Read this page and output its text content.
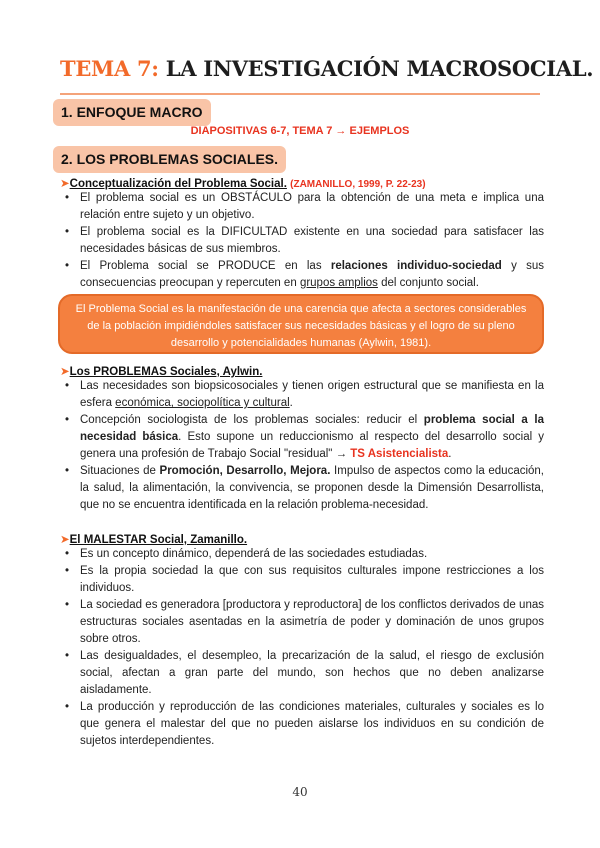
TEMA 7: LA INVESTIGACIÓN MACROSOCIAL.
1. ENFOQUE MACRO
DIAPOSITIVAS 6-7, TEMA 7 → EJEMPLOS
2. LOS PROBLEMAS SOCIALES.
➤Conceptualización del Problema Social. (ZAMANILLO, 1999, P. 22-23)
• El problema social es un OBSTÁCULO para la obtención de una meta e implica una relación entre sujeto y un objetivo.
• El problema social es la DIFICULTAD existente en una sociedad para satisfacer las necesidades básicas de sus miembros.
• El Problema social se PRODUCE en las relaciones individuo-sociedad y sus consecuencias preocupan y repercuten en grupos amplios del conjunto social.
El Problema Social es la manifestación de una carencia que afecta a sectores considerables de la población impidiéndoles satisfacer sus necesidades básicas y el logro de su pleno desarrollo y potencialidades humanas (Aylwin, 1981).
➤Los PROBLEMAS Sociales, Aylwin.
• Las necesidades son biopsicosociales y tienen origen estructural que se manifiesta en la esfera económica, sociopolítica y cultural.
• Concepción sociologista de los problemas sociales: reducir el problema social a la necesidad básica. Esto supone un reduccionismo al respecto del desarrollo social y genera una profesión de Trabajo Social "residual" → TS Asistencialista.
• Situaciones de Promoción, Desarrollo, Mejora. Impulso de aspectos como la educación, la salud, la alimentación, la convivencia, se proponen desde la Dimensión Desarrollista, que no se encuentra identificada en la relación problema-necesidad.
➤El MALESTAR Social, Zamanillo.
• Es un concepto dinámico, dependerá de las sociedades estudiadas.
• Es la propia sociedad la que con sus requisitos culturales impone restricciones a los individuos.
• La sociedad es generadora [productora y reproductora] de los conflictos derivados de unas estructuras sociales asentadas en la asimetría de poder y dominación de unos grupos sobre otros.
• Las desigualdades, el desempleo, la precarización de la salud, el riesgo de exclusión social, afectan a gran parte del mundo, son hechos que no deben analizarse aisladamente.
• La producción y reproducción de las condiciones materiales, culturales y sociales es lo que genera el malestar del que no pueden aislarse los individuos en su condición de sujetos interdependientes.
40
